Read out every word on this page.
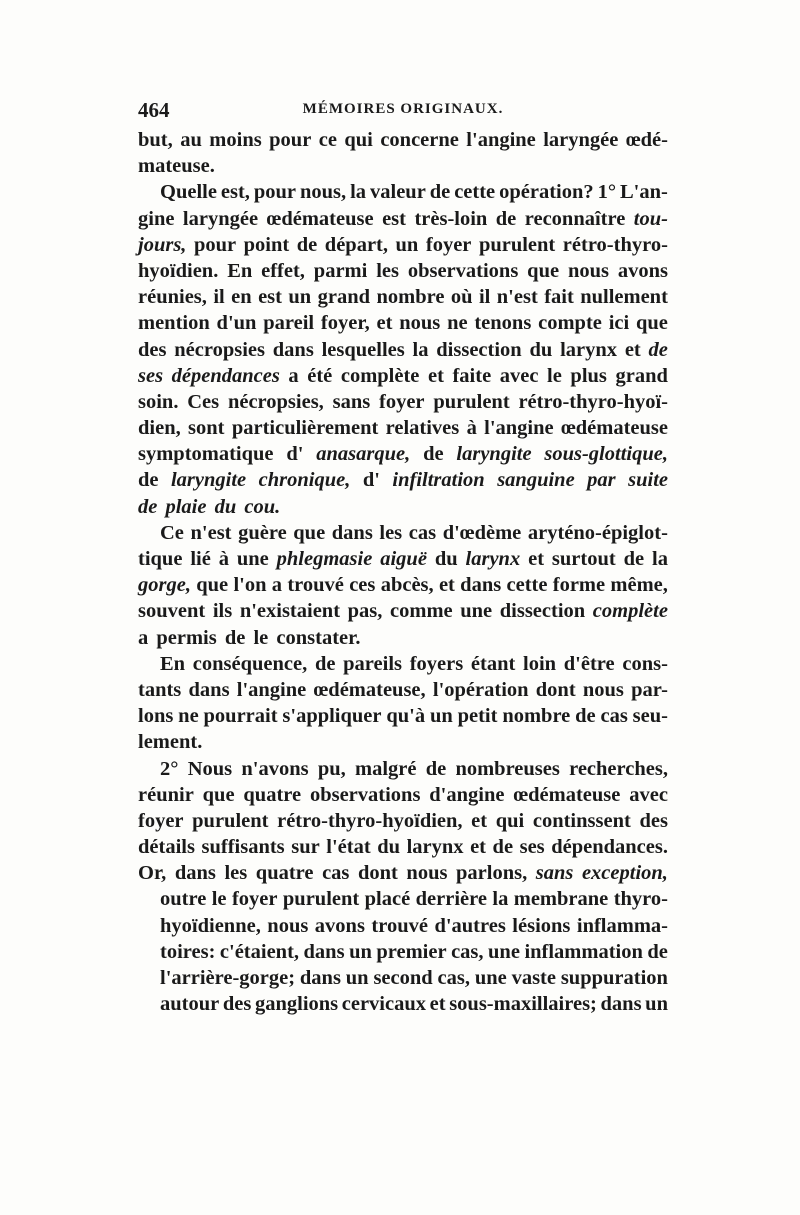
464	MÉMOIRES ORIGINAUX.
but, au moins pour ce qui concerne l'angine laryngée œdé-
mateuse.
Quelle est, pour nous, la valeur de cette opération? 1° L'an-
gine laryngée œdémateuse est très-loin de reconnaître tou-
jours, pour point de départ, un foyer purulent rétro-thyro-
hyoïdien. En effet, parmi les observations que nous avons
réunies, il en est un grand nombre où il n'est fait nullement
mention d'un pareil foyer, et nous ne tenons compte ici que
des nécropsies dans lesquelles la dissection du larynx et de
ses dépendances a été complète et faite avec le plus grand
soin. Ces nécropsies, sans foyer purulent rétro-thyro-hyoï-
dien, sont particulièrement relatives à l'angine œdémateuse
symptomatique d' anasarque, de laryngite sous-glottique,
de laryngite chronique, d' infiltration sanguine par suite
de plaie du cou.
Ce n'est guère que dans les cas d'œdème aryténo-épiglot-
tique lié à une phlegmasie aiguë du larynx et surtout de la
gorge, que l'on a trouvé ces abcès, et dans cette forme même,
souvent ils n'existaient pas, comme une dissection complète
a permis de le constater.
En conséquence, de pareils foyers étant loin d'être cons-
tants dans l'angine œdémateuse, l'opération dont nous par-
lons ne pourrait s'appliquer qu'à un petit nombre de cas seu-
lement.
2° Nous n'avons pu, malgré de nombreuses recherches,
réunir que quatre observations d'angine œdémateuse avec
foyer purulent rétro-thyro-hyoïdien, et qui continssent des
détails suffisants sur l'état du larynx et de ses dépendances.
Or, dans les quatre cas dont nous parlons, sans exception,
outre le foyer purulent placé derrière la membrane thyro-
hyoïdienne, nous avons trouvé d'autres lésions inflamma-
toires: c'étaient, dans un premier cas, une inflammation de
l'arrière-gorge; dans un second cas, une vaste suppuration
autour des ganglions cervicaux et sous-maxillaires; dans un
